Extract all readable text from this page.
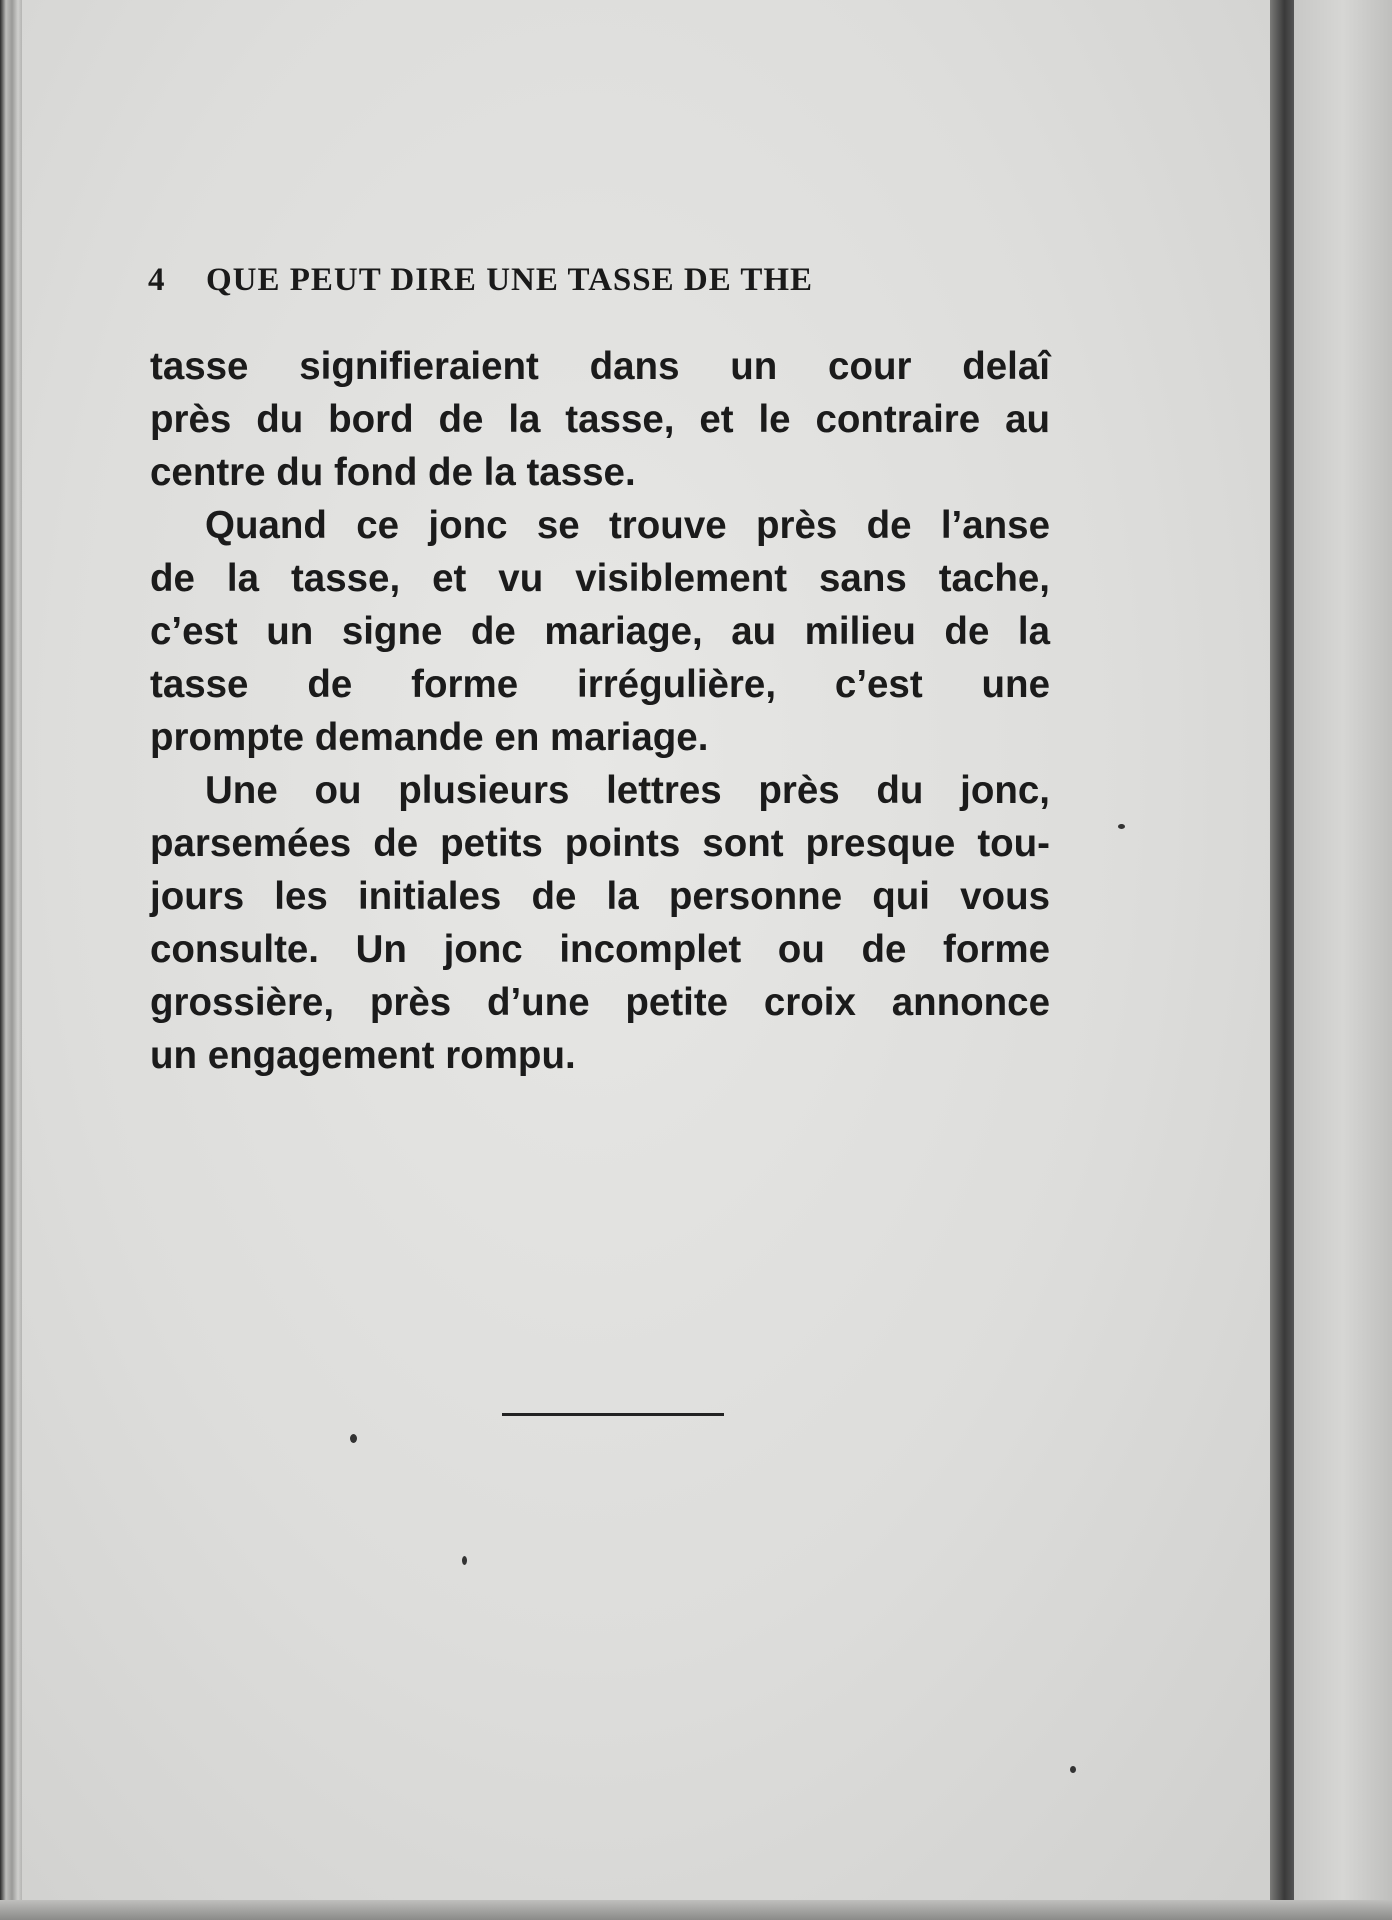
4 QUE PEUT DIRE UNE TASSE DE THE
tasse signifieraient dans un cour delaî
près du bord de la tasse, et le contraire au
centre du fond de la tasse.
Quand ce jonc se trouve près de l’anse
de la tasse, et vu visiblement sans tache,
c’est un signe de mariage, au milieu de la
tasse de forme irrégulière, c’est une
prompte demande en mariage.
Une ou plusieurs lettres près du jonc,
parsemées de petits points sont presque tou-
jours les initiales de la personne qui vous
consulte. Un jonc incomplet ou de forme
grossière, près d’une petite croix annonce
un engagement rompu.
